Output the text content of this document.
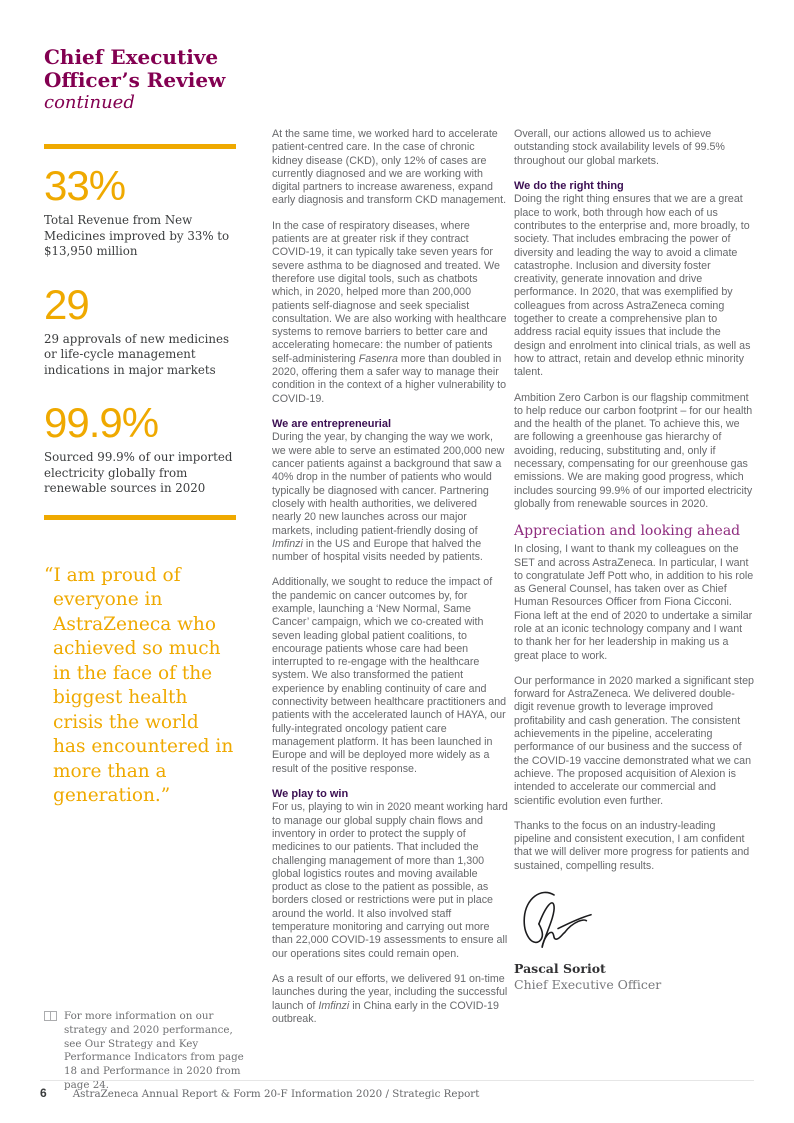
Chief Executive Officer’s Review
continued
33%
Total Revenue from New Medicines improved by 33% to $13,950 million
29
29 approvals of new medicines or life-cycle management indications in major markets
99.9%
Sourced 99.9% of our imported electricity globally from renewable sources in 2020
“I am proud of everyone in AstraZeneca who achieved so much in the face of the biggest health crisis the world has encountered in more than a generation.”

At the same time, we worked hard to accelerate patient-centred care. In the case of chronic kidney disease (CKD), only 12% of cases are currently diagnosed and we are working with digital partners to increase awareness, expand early diagnosis and transform CKD management.

In the case of respiratory diseases, where patients are at greater risk if they contract COVID-19, it can typically take seven years for severe asthma to be diagnosed and treated. We therefore use digital tools, such as chatbots which, in 2020, helped more than 200,000 patients self-diagnose and seek specialist consultation. We are also working with healthcare systems to remove barriers to better care and accelerating homecare: the number of patients self-administering Fasenra more than doubled in 2020, offering them a safer way to manage their condition in the context of a higher vulnerability to COVID-19.

We are entrepreneurial

During the year, by changing the way we work, we were able to serve an estimated 200,000 new cancer patients against a background that saw a 40% drop in the number of patients who would typically be diagnosed with cancer. Partnering closely with health authorities, we delivered nearly 20 new launches across our major markets, including patient-friendly dosing of Imfinzi in the US and Europe that halved the number of hospital visits needed by patients.

Additionally, we sought to reduce the impact of the pandemic on cancer outcomes by, for example, launching a ‘New Normal, Same Cancer’ campaign, which we co-created with seven leading global patient coalitions, to encourage patients whose care had been interrupted to re-engage with the healthcare system. We also transformed the patient experience by enabling continuity of care and connectivity between healthcare practitioners and patients with the accelerated launch of HAYA, our fully-integrated oncology patient care management platform. It has been launched in Europe and will be deployed more widely as a result of the positive response.

We play to win

For us, playing to win in 2020 meant working hard to manage our global supply chain flows and inventory in order to protect the supply of medicines to our patients. That included the challenging management of more than 1,300 global logistics routes and moving available product as close to the patient as possible, as borders closed or restrictions were put in place around the world. It also involved staff temperature monitoring and carrying out more than 22,000 COVID-19 assessments to ensure all our operations sites could remain open.

As a result of our efforts, we delivered 91 on-time launches during the year, including the successful launch of Imfinzi in China early in the COVID-19 outbreak.

Overall, our actions allowed us to achieve outstanding stock availability levels of 99.5% throughout our global markets.

We do the right thing

Doing the right thing ensures that we are a great place to work, both through how each of us contributes to the enterprise and, more broadly, to society. That includes embracing the power of diversity and leading the way to avoid a climate catastrophe. Inclusion and diversity foster creativity, generate innovation and drive performance. In 2020, that was exemplified by colleagues from across AstraZeneca coming together to create a comprehensive plan to address racial equity issues that include the design and enrolment into clinical trials, as well as how to attract, retain and develop ethnic minority talent.

Ambition Zero Carbon is our flagship commitment to help reduce our carbon footprint – for our health and the health of the planet. To achieve this, we are following a greenhouse gas hierarchy of avoiding, reducing, substituting and, only if necessary, compensating for our greenhouse gas emissions. We are making good progress, which includes sourcing 99.9% of our imported electricity globally from renewable sources in 2020.

Appreciation and looking ahead

In closing, I want to thank my colleagues on the SET and across AstraZeneca. In particular, I want to congratulate Jeff Pott who, in addition to his role as General Counsel, has taken over as Chief Human Resources Officer from Fiona Cicconi. Fiona left at the end of 2020 to undertake a similar role at an iconic technology company and I want to thank her for her leadership in making us a great place to work.

Our performance in 2020 marked a significant step forward for AstraZeneca. We delivered double-digit revenue growth to leverage improved profitability and cash generation. The consistent achievements in the pipeline, accelerating performance of our business and the success of the COVID-19 vaccine demonstrated what we can achieve. The proposed acquisition of Alexion is intended to accelerate our commercial and scientific evolution even further.

Thanks to the focus on an industry-leading pipeline and consistent execution, I am confident that we will deliver more progress for patients and sustained, compelling results.

Pascal Soriot
Chief Executive Officer
For more information on our strategy and 2020 performance, see Our Strategy and Key Performance Indicators from page 18 and Performance in 2020 from page 24.
6	AstraZeneca Annual Report & Form 20-F Information 2020 / Strategic Report
